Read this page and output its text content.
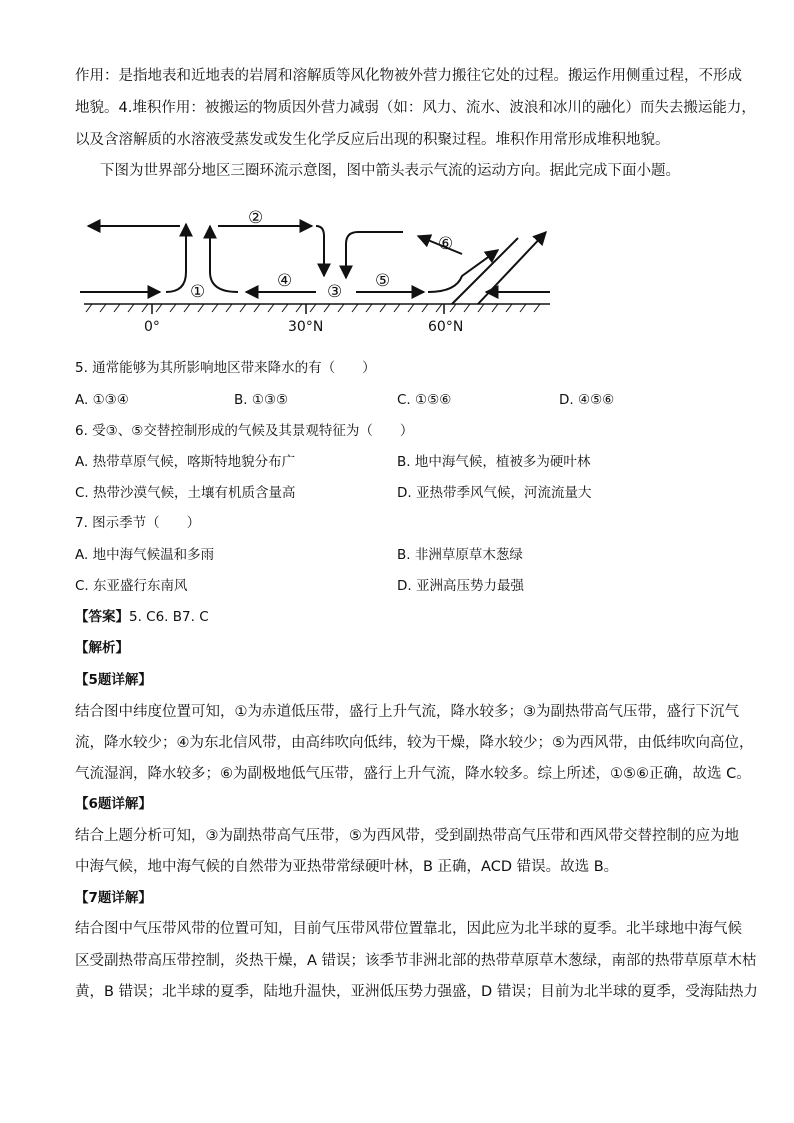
作用：是指地表和近地表的岩屑和溶解质等风化物被外营力搬往它处的过程。搬运作用侧重过程，不形成
地貌。4.堆积作用：被搬运的物质因外营力减弱（如：风力、流水、波浪和冰川的融化）而失去搬运能力，
以及含溶解质的水溶液受蒸发或发生化学反应后出现的积聚过程。堆积作用常形成堆积地貌。
下图为世界部分地区三圈环流示意图，图中箭头表示气流的运动方向。据此完成下面小题。
①
②
③
④	⑤
⑥
0°	30°N	60°N
5. 通常能够为其所影响地区带来降水的有（　　）
A. ①③④	B. ①③⑤	C. ①⑤⑥	D. ④⑤⑥
6. 受③、⑤交替控制形成的气候及其景观特征为（　　）
A. 热带草原气候，喀斯特地貌分布广	B. 地中海气候，植被多为硬叶林
C. 热带沙漠气候，土壤有机质含量高	D. 亚热带季风气候，河流流量大
7. 图示季节（　　）
A. 地中海气候温和多雨	B. 非洲草原草木葱绿
C. 东亚盛行东南风	D. 亚洲高压势力最强
【答案】5. C6. B7. C
【解析】
【5题详解】
结合图中纬度位置可知，①为赤道低压带，盛行上升气流，降水较多；③为副热带高气压带，盛行下沉气
流，降水较少；④为东北信风带，由高纬吹向低纬，较为干燥，降水较少；⑤为西风带，由低纬吹向高位，
气流湿润，降水较多；⑥为副极地低气压带，盛行上升气流，降水较多。综上所述，①⑤⑥正确，故选 C。
【6题详解】
结合上题分析可知，③为副热带高气压带，⑤为西风带，受到副热带高气压带和西风带交替控制的应为地
中海气候，地中海气候的自然带为亚热带常绿硬叶林，B 正确，ACD 错误。故选 B。
【7题详解】
结合图中气压带风带的位置可知，目前气压带风带位置靠北，因此应为北半球的夏季。北半球地中海气候
区受副热带高压带控制，炎热干燥，A 错误；该季节非洲北部的热带草原草木葱绿，南部的热带草原草木枯
黄，B 错误；北半球的夏季，陆地升温快，亚洲低压势力强盛，D 错误；目前为北半球的夏季，受海陆热力
